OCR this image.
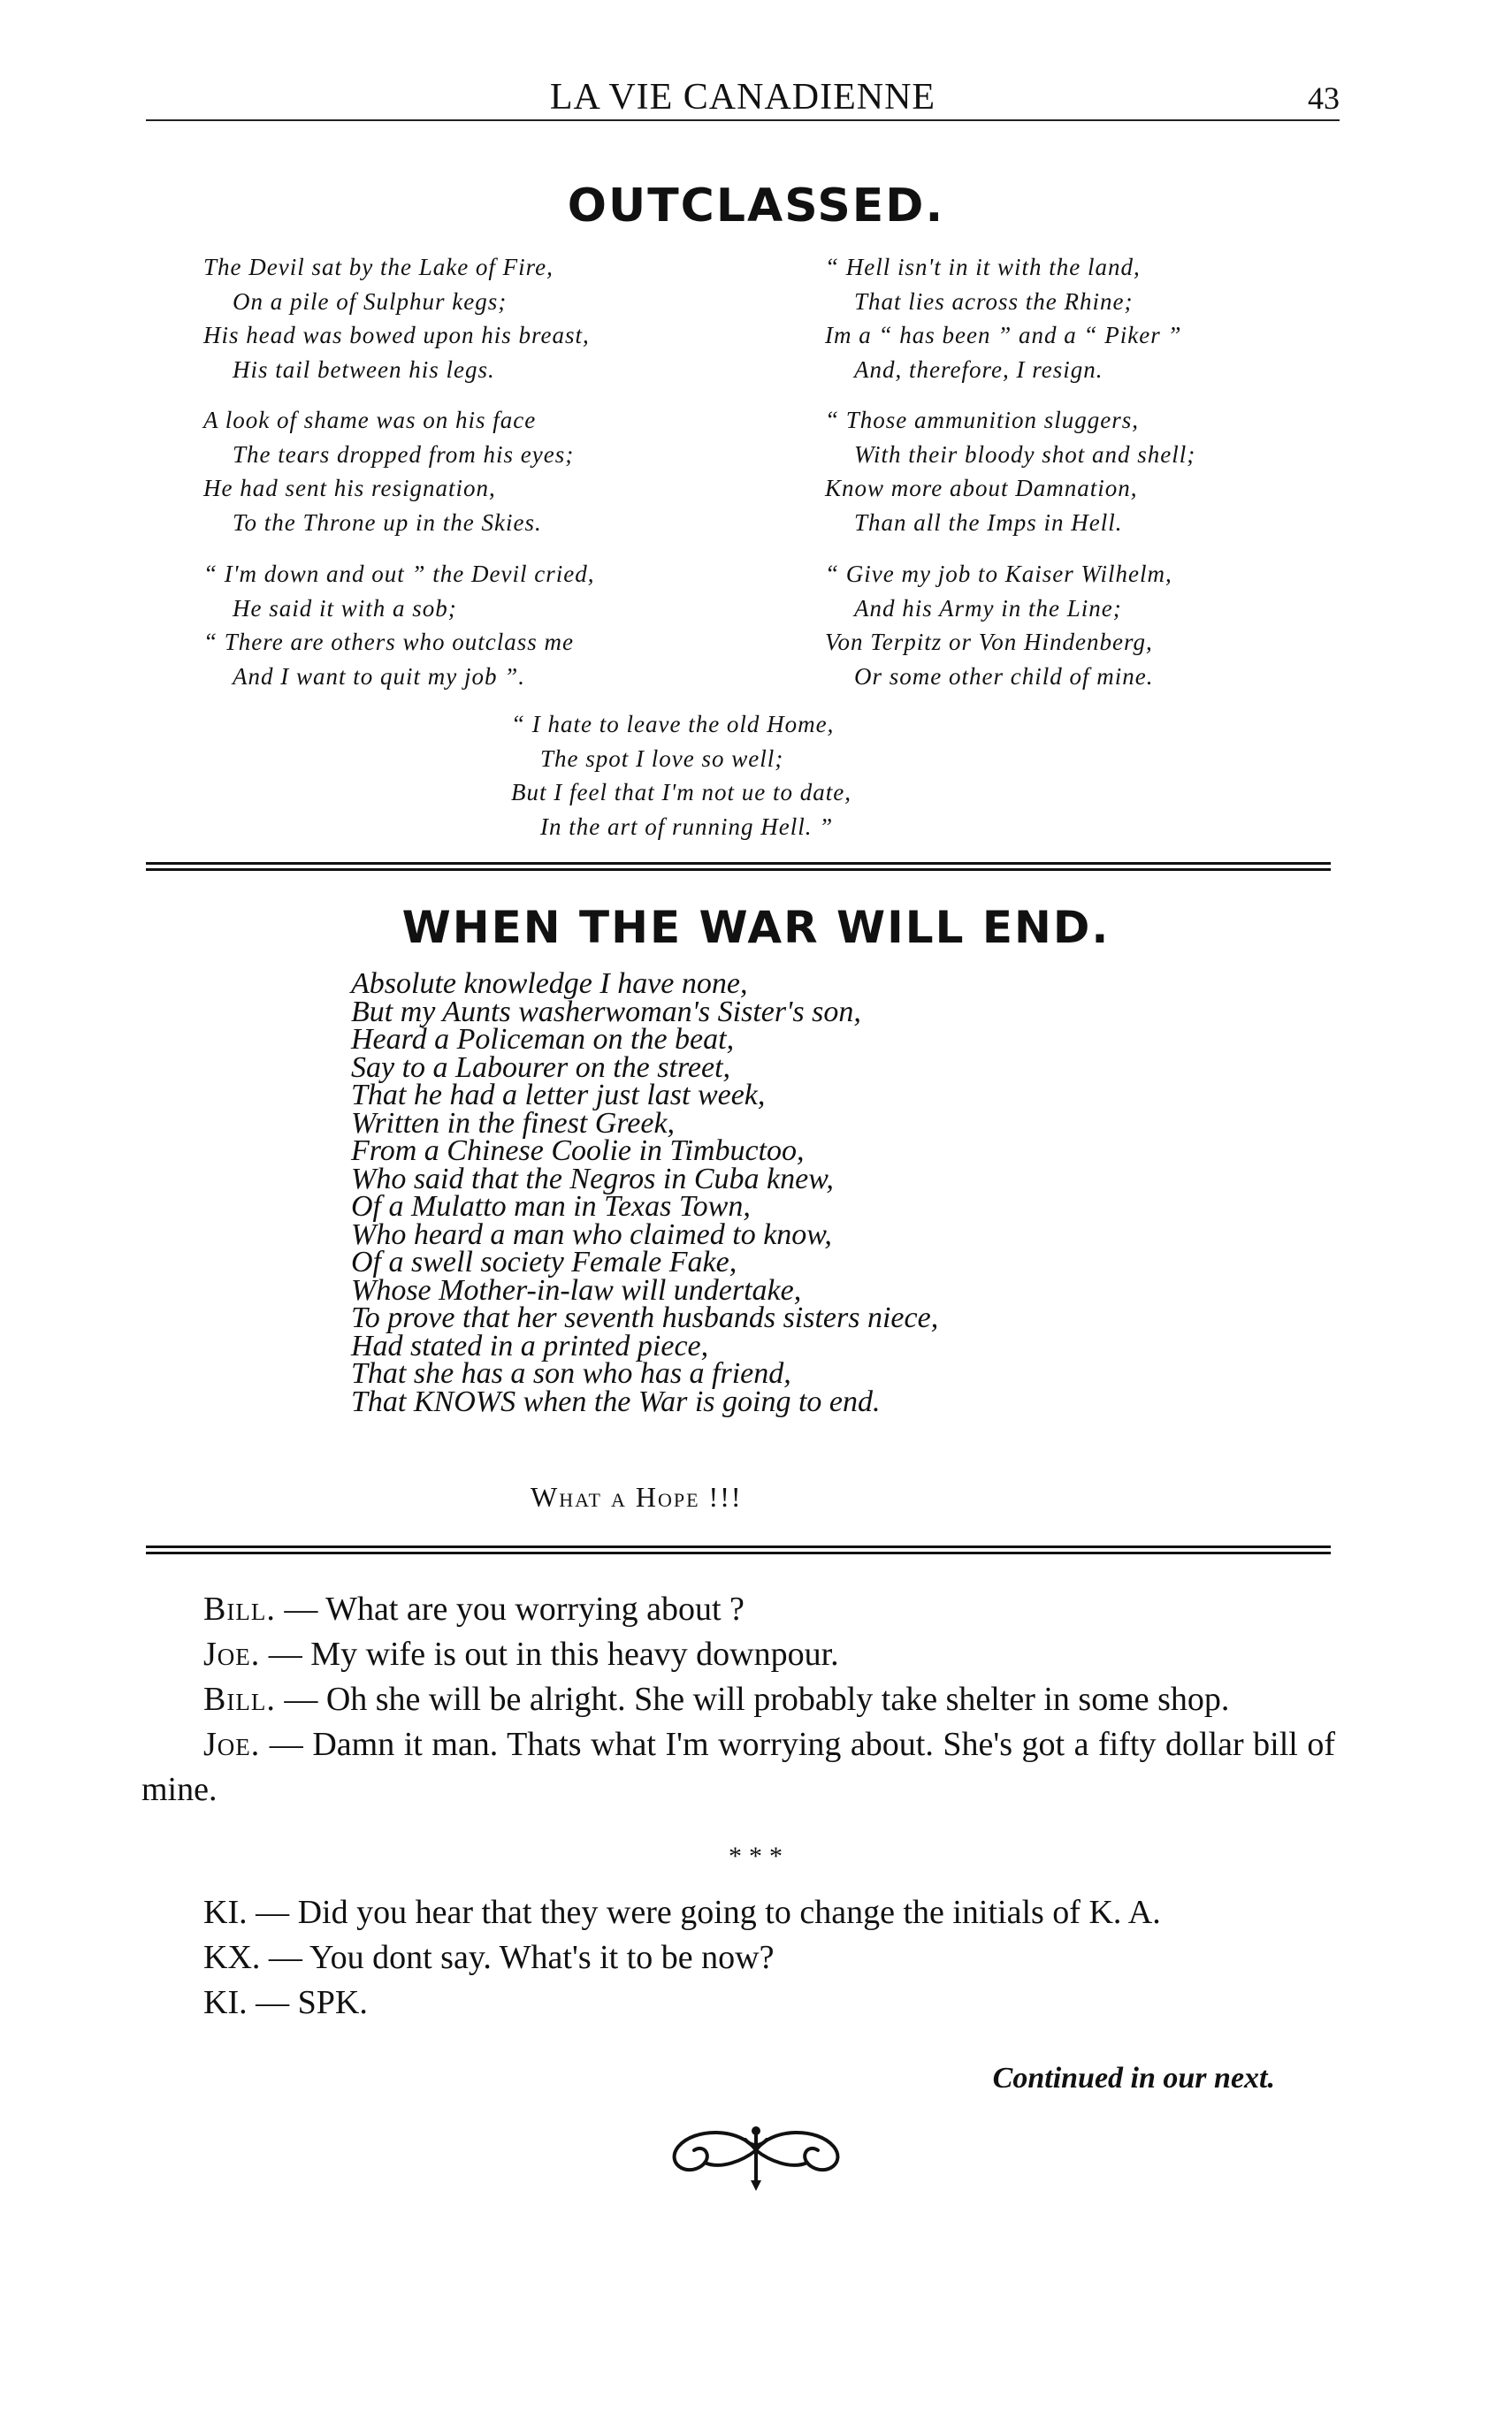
LA VIE CANADIENNE	43
OUTCLASSED.
The Devil sat by the Lake of Fire,
On a pile of Sulphur kegs;
His head was bowed upon his breast,
His tail between his legs.
A look of shame was on his face
The tears dropped from his eyes;
He had sent his resignation,
To the Throne up in the Skies.
“ I'm down and out ” the Devil cried,
He said it with a sob;
“ There are others who outclass me
And I want to quit my job ”.
“ Hell isn't in it with the land,
That lies across the Rhine;
Im a “ has been ” and a “ Piker ”
And, therefore, I resign.
“ Those ammunition sluggers,
With their bloody shot and shell;
Know more about Damnation,
Than all the Imps in Hell.
“ Give my job to Kaiser Wilhelm,
And his Army in the Line;
Von Terpitz or Von Hindenberg,
Or some other child of mine.
“ I hate to leave the old Home,
The spot I love so well;
But I feel that I'm not ue to date,
In the art of running Hell. ”
WHEN THE WAR WILL END.
Absolute knowledge I have none,
But my Aunts washerwoman's Sister's son,
Heard a Policeman on the beat,
Say to a Labourer on the street,
That he had a letter just last week,
Written in the finest Greek,
From a Chinese Coolie in Timbuctoo,
Who said that the Negros in Cuba knew,
Of a Mulatto man in Texas Town,
Who heard a man who claimed to know,
Of a swell society Female Fake,
Whose Mother-in-law will undertake,
To prove that her seventh husbands sisters niece,
Had stated in a printed piece,
That she has a son who has a friend,
That KNOWS when the War is going to end.
What a Hope !!!

Bill. — What are you worrying about ?

Joe. — My wife is out in this heavy downpour.

Bill. — Oh she will be alright. She will probably take shelter in some shop.

Joe. — Damn it man. Thats what I'm worrying about. She's got a fifty dollar bill of mine.

* * *

KI. — Did you hear that they were going to change the initials of K. A.

KX. — You dont say. What's it to be now?

KI. — SPK.

Continued in our next.
